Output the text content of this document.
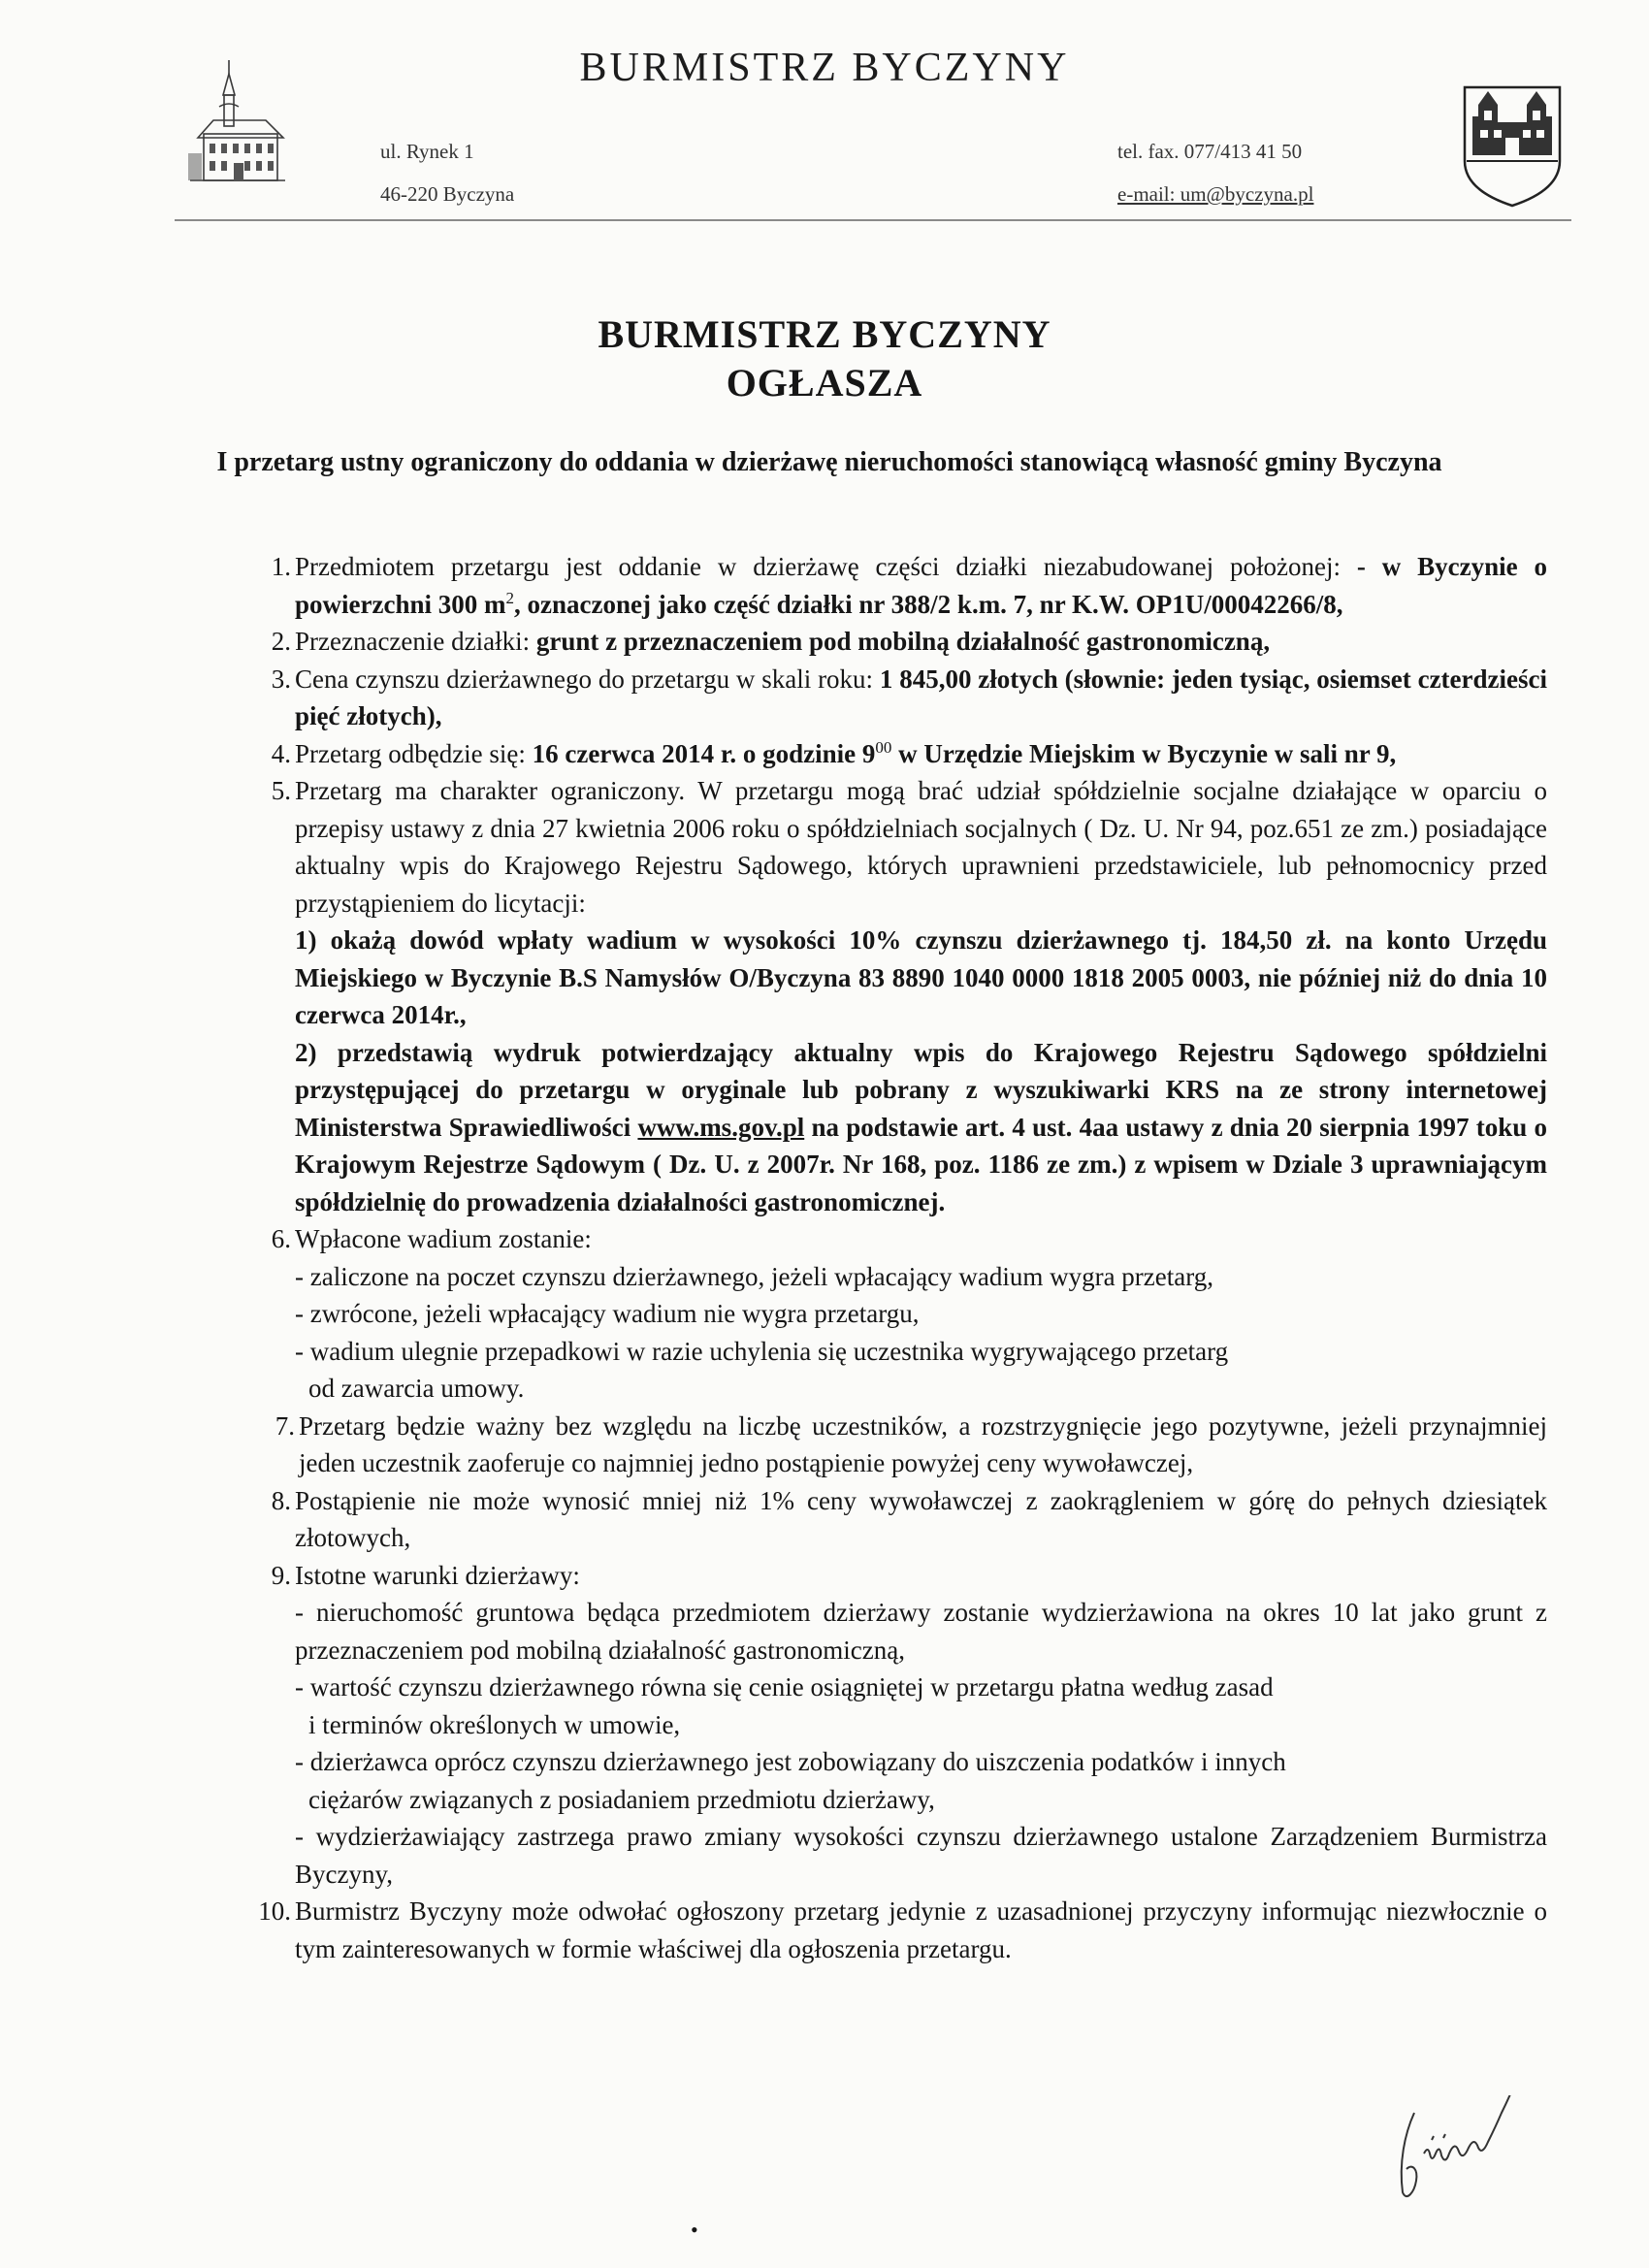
BURMISTRZ BYCZYNY
ul. Rynek 1
46-220 Byczyna
tel. fax. 077/413 41 50
e-mail: um@byczyna.pl
BURMISTRZ BYCZYNY
OGŁASZA
I przetarg ustny ograniczony do oddania w dzierżawę nieruchomości stanowiącą własność gminy Byczyna
1. Przedmiotem przetargu jest oddanie w dzierżawę części działki niezabudowanej położonej: - w Byczynie o powierzchni 300 $m^2$, oznaczonej jako część działki nr 388/2 k.m. 7, nr K.W. OP1U/00042266/8,
2. Przeznaczenie działki: grunt z przeznaczeniem pod mobilną działalność gastronomiczną,
3. Cena czynszu dzierżawnego do przetargu w skali roku: 1 845,00 złotych (słownie: jeden tysiąc, osiemset czterdzieści pięć złotych),
4. Przetarg odbędzie się: 16 czerwca 2014 r. o godzinie $9^{00}$ w Urzędzie Miejskim w Byczynie w sali nr 9,
5. Przetarg ma charakter ograniczony. W przetargu mogą brać udział spółdzielnie socjalne działające w oparciu o przepisy ustawy z dnia 27 kwietnia 2006 roku o spółdzielniach socjalnych ( Dz. U. Nr 94, poz.651 ze zm.) posiadające aktualny wpis do Krajowego Rejestru Sądowego, których uprawnieni przedstawiciele, lub pełnomocnicy przed przystąpieniem do licytacji:
1) okażą dowód wpłaty wadium w wysokości 10% czynszu dzierżawnego tj. 184,50 zł. na konto Urzędu Miejskiego w Byczynie B.S Namysłów O/Byczyna 83 8890 1040 0000 1818 2005 0003, nie później niż do dnia 10 czerwca 2014r.,
2) przedstawią wydruk potwierdzający aktualny wpis do Krajowego Rejestru Sądowego spółdzielni przystępującej do przetargu w oryginale lub pobrany z wyszukiwarki KRS na ze strony internetowej Ministerstwa Sprawiedliwości www.ms.gov.pl na podstawie art. 4 ust. 4aa ustawy z dnia 20 sierpnia 1997 toku o Krajowym Rejestrze Sądowym ( Dz. U. z 2007r. Nr 168, poz. 1186 ze zm.) z wpisem w Dziale 3 uprawniającym spółdzielnię do prowadzenia działalności gastronomicznej.
6. Wpłacone wadium zostanie:
- zaliczone na poczet czynszu dzierżawnego, jeżeli wpłacający wadium wygra przetarg,
- zwrócone, jeżeli wpłacający wadium nie wygra przetargu,
- wadium ulegnie przepadkowi w razie uchylenia się uczestnika wygrywającego przetarg
od zawarcia umowy.
7. Przetarg będzie ważny bez względu na liczbę uczestników, a rozstrzygnięcie jego pozytywne, jeżeli przynajmniej jeden uczestnik zaoferuje co najmniej jedno postąpienie powyżej ceny wywoławczej,
8. Postąpienie nie może wynosić mniej niż 1% ceny wywoławczej z zaokrągleniem w górę do pełnych dziesiątek złotowych,
9. Istotne warunki dzierżawy:
- nieruchomość gruntowa będąca przedmiotem dzierżawy zostanie wydzierżawiona na okres 10 lat jako grunt z przeznaczeniem pod mobilną działalność gastronomiczną,
- wartość czynszu dzierżawnego równa się cenie osiągniętej w przetargu płatna według zasad
i terminów określonych w umowie,
- dzierżawca oprócz czynszu dzierżawnego jest zobowiązany do uiszczenia podatków i innych
ciężarów związanych z posiadaniem przedmiotu dzierżawy,
- wydzierżawiający zastrzega prawo zmiany wysokości czynszu dzierżawnego ustalone Zarządzeniem Burmistrza Byczyny,
10. Burmistrz Byczyny może odwołać ogłoszony przetarg jedynie z uzasadnionej przyczyny informując niezwłocznie o tym zainteresowanych w formie właściwej dla ogłoszenia przetargu.
•
